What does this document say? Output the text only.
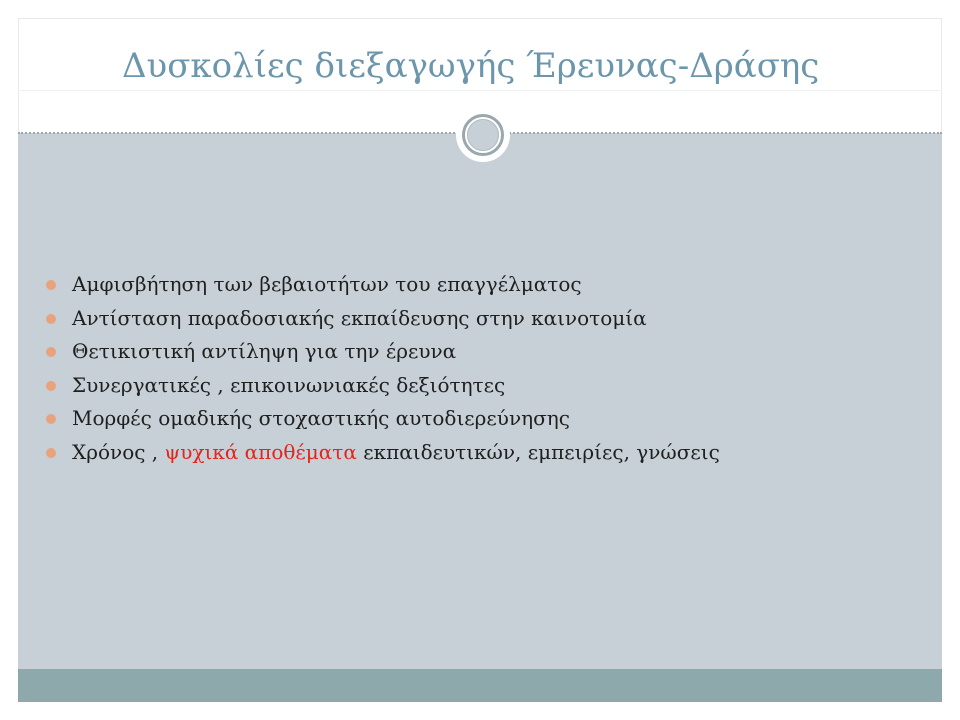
Δυσκολίες διεξαγωγής Έρευνας-Δράσης
Αμφισβήτηση των βεβαιοτήτων του επαγγέλματος
Αντίσταση παραδοσιακής εκπαίδευσης στην καινοτομία
Θετικιστική αντίληψη για την έρευνα
Συνεργατικές , επικοινωνιακές δεξιότητες
Μορφές ομαδικής στοχαστικής αυτοδιερεύνησης
Χρόνος , ψυχικά αποθέματα εκπαιδευτικών, εμπειρίες, γνώσεις
